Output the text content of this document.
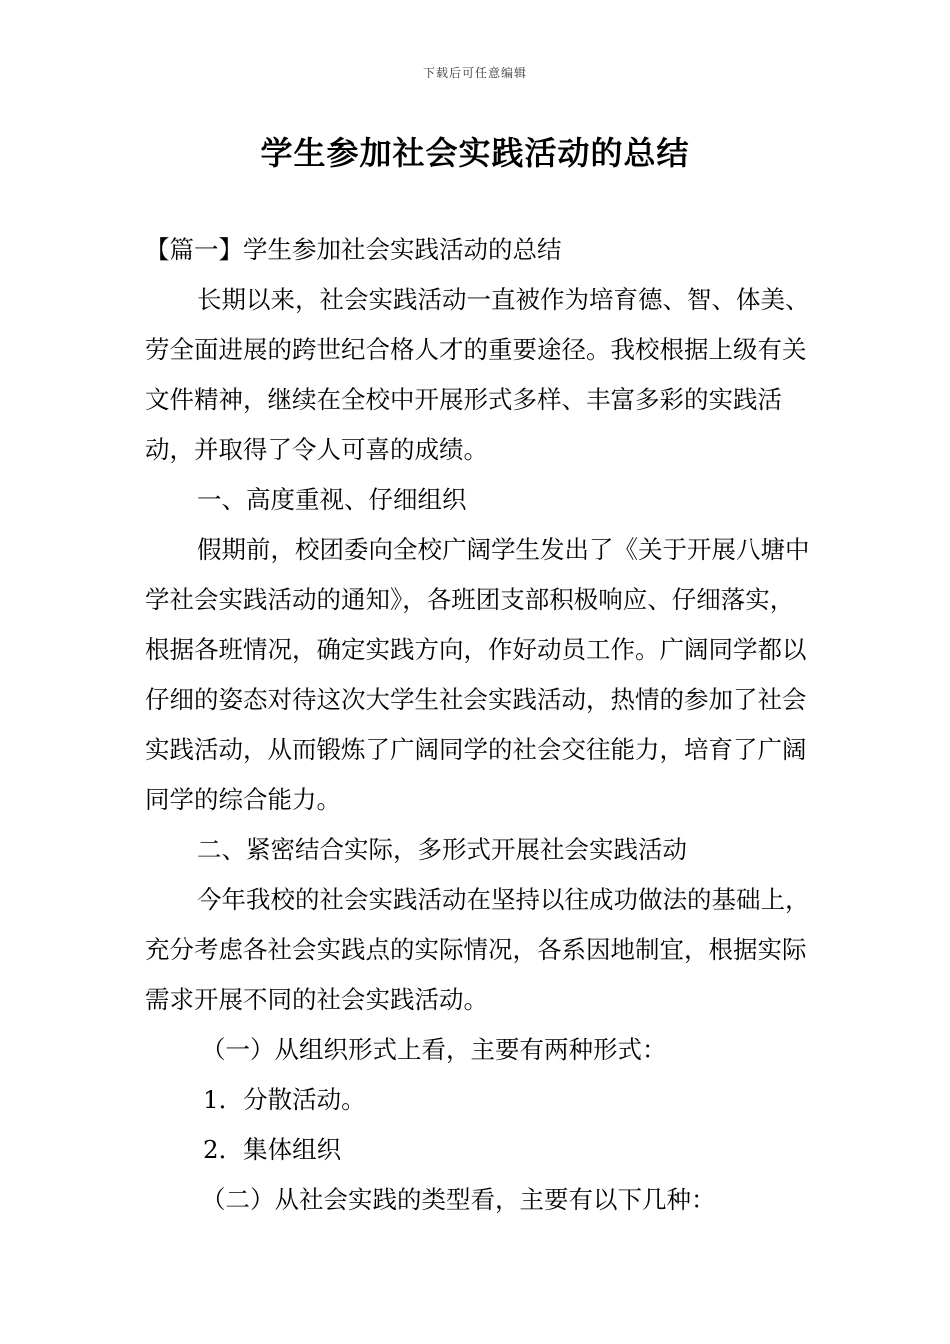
下载后可任意编辑
学生参加社会实践活动的总结

【篇一】学生参加社会实践活动的总结

长期以来，社会实践活动一直被作为培育德、智、体美、劳全面进展的跨世纪合格人才的重要途径。我校根据上级有关文件精神，继续在全校中开展形式多样、丰富多彩的实践活动，并取得了令人可喜的成绩。

一、高度重视、仔细组织

假期前，校团委向全校广阔学生发出了《关于开展八塘中学社会实践活动的通知》，各班团支部积极响应、仔细落实，根据各班情况，确定实践方向，作好动员工作。广阔同学都以仔细的姿态对待这次大学生社会实践活动，热情的参加了社会实践活动，从而锻炼了广阔同学的社会交往能力，培育了广阔同学的综合能力。

二、紧密结合实际，多形式开展社会实践活动

今年我校的社会实践活动在坚持以往成功做法的基础上，充分考虑各社会实践点的实际情况，各系因地制宜，根据实际需求开展不同的社会实践活动。

（一）从组织形式上看，主要有两种形式：

1．分散活动。

2．集体组织

（二）从社会实践的类型看，主要有以下几种：
